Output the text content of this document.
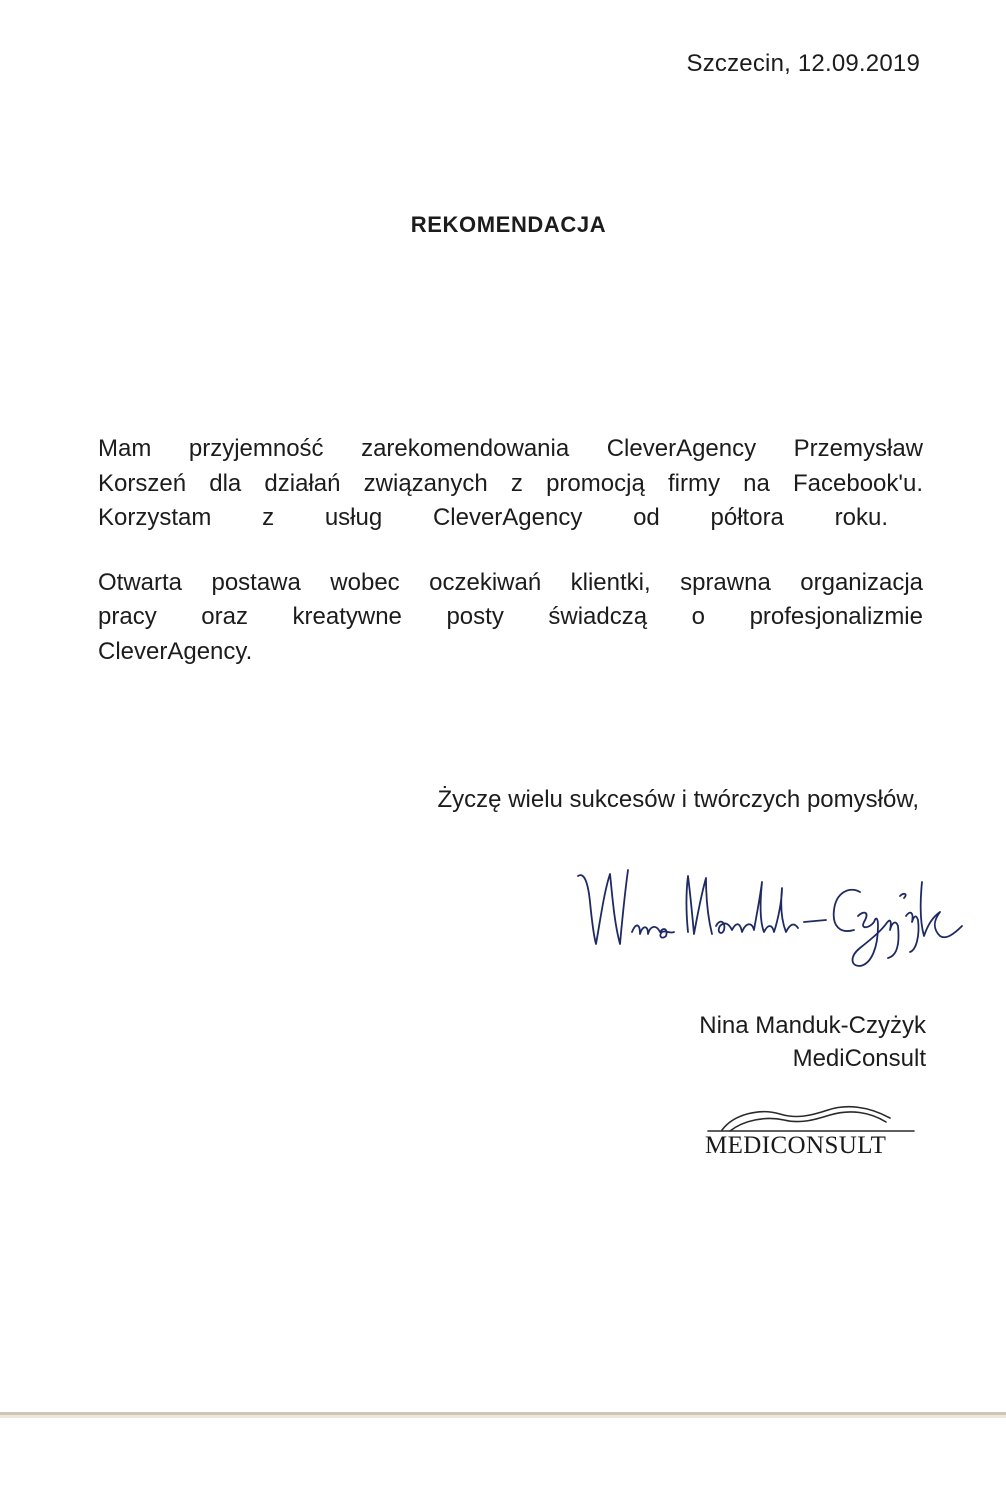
Szczecin, 12.09.2019
REKOMENDACJA

Mam przyjemność zarekomendowania CleverAgency Przemysław
Korszeń dla działań związanych z promocją firmy na Facebook'u.
Korzystam z usług CleverAgency od półtora roku.

Otwarta postawa wobec oczekiwań klientki, sprawna organizacja
pracy oraz kreatywne posty świadczą o profesjonalizmie
CleverAgency.

Życzę wielu sukcesów i twórczych pomysłów,
Nina Manduk-Czyżyk
Nina Manduk-Czyżyk
MediConsult
MEDICONSULT
